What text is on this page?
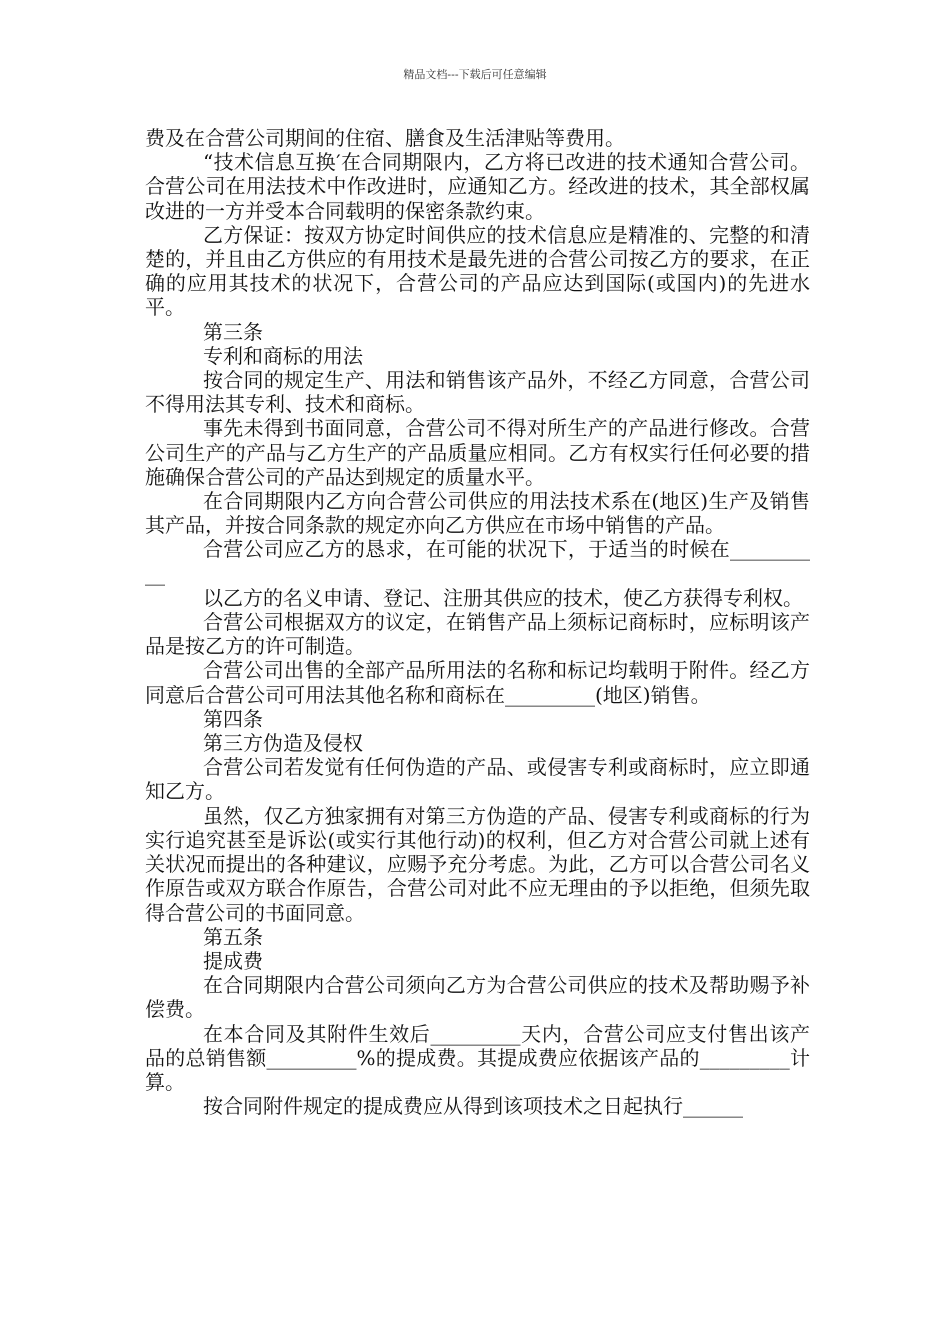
精品文档---下载后可任意编辑

费及在合营公司期间的住宿、膳食及生活津贴等费用。

“技术信息互换′在合同期限内，乙方将已改进的技术通知合营公司。合营公司在用法技术中作改进时，应通知乙方。经改进的技术，其全部权属改进的一方并受本合同载明的保密条款约束。

乙方保证：按双方协定时间供应的技术信息应是精准的、完整的和清楚的，并且由乙方供应的有用技术是最先进的合营公司按乙方的要求，在正确的应用其技术的状况下，合营公司的产品应达到国际(或国内)的先进水平。

第三条

专利和商标的用法

按合同的规定生产、用法和销售该产品外，不经乙方同意，合营公司不得用法其专利、技术和商标。

事先未得到书面同意，合营公司不得对所生产的产品进行修改。合营公司生产的产品与乙方生产的产品质量应相同。乙方有权实行任何必要的措施确保合营公司的产品达到规定的质量水平。

在合同期限内乙方向合营公司供应的用法技术系在(地区)生产及销售其产品，并按合同条款的规定亦向乙方供应在市场中销售的产品。

合营公司应乙方的恳求，在可能的状况下，于适当的时候在__________

以乙方的名义申请、登记、注册其供应的技术，使乙方获得专利权。

合营公司根据双方的议定，在销售产品上须标记商标时，应标明该产品是按乙方的许可制造。

合营公司出售的全部产品所用法的名称和标记均载明于附件。经乙方同意后合营公司可用法其他名称和商标在_________(地区)销售。

第四条

第三方伪造及侵权

合营公司若发觉有任何伪造的产品、或侵害专利或商标时，应立即通知乙方。

虽然，仅乙方独家拥有对第三方伪造的产品、侵害专利或商标的行为实行追究甚至是诉讼(或实行其他行动)的权利，但乙方对合营公司就上述有关状况而提出的各种建议，应赐予充分考虑。为此，乙方可以合营公司名义作原告或双方联合作原告，合营公司对此不应无理由的予以拒绝，但须先取得合营公司的书面同意。

第五条

提成费

在合同期限内合营公司须向乙方为合营公司供应的技术及帮助赐予补偿费。

在本合同及其附件生效后_________天内，合营公司应支付售出该产品的总销售额_________%的提成费。其提成费应依据该产品的_________计算。

按合同附件规定的提成费应从得到该项技术之日起执行______
